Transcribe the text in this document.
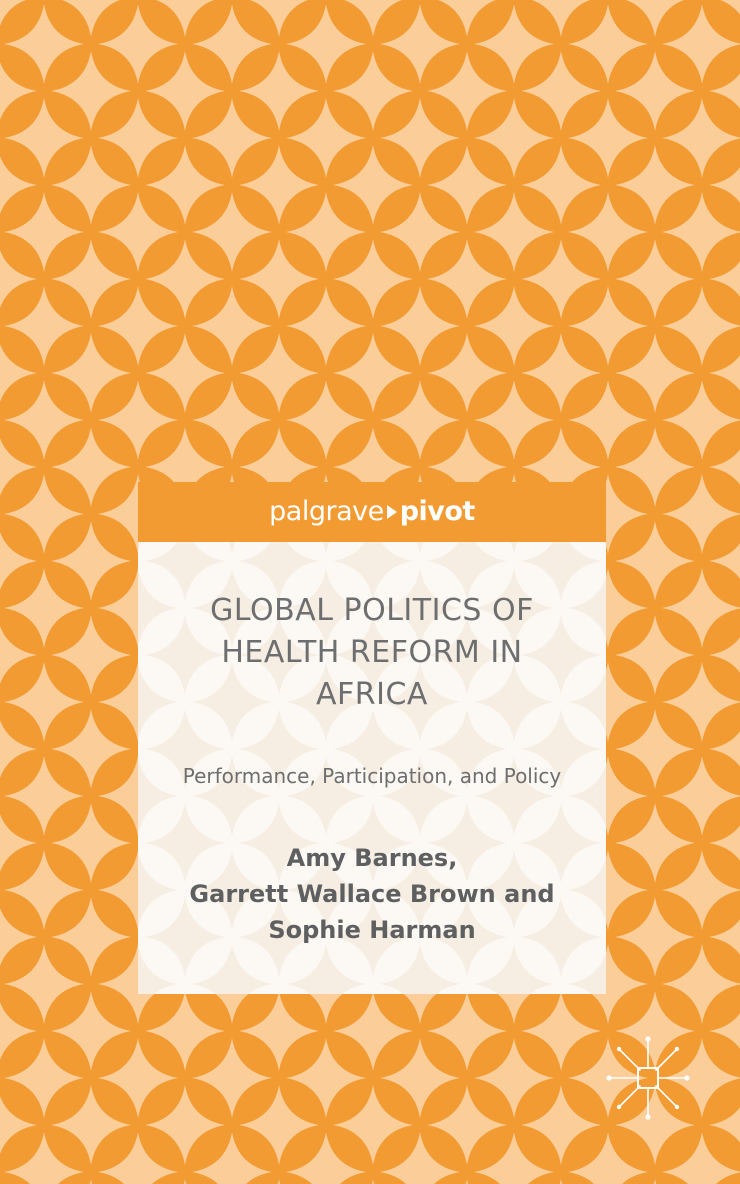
palgrave pivot
GLOBAL POLITICS OF
HEALTH REFORM IN
AFRICA
Performance, Participation, and Policy
Amy Barnes,
Garrett Wallace Brown and
Sophie Harman
